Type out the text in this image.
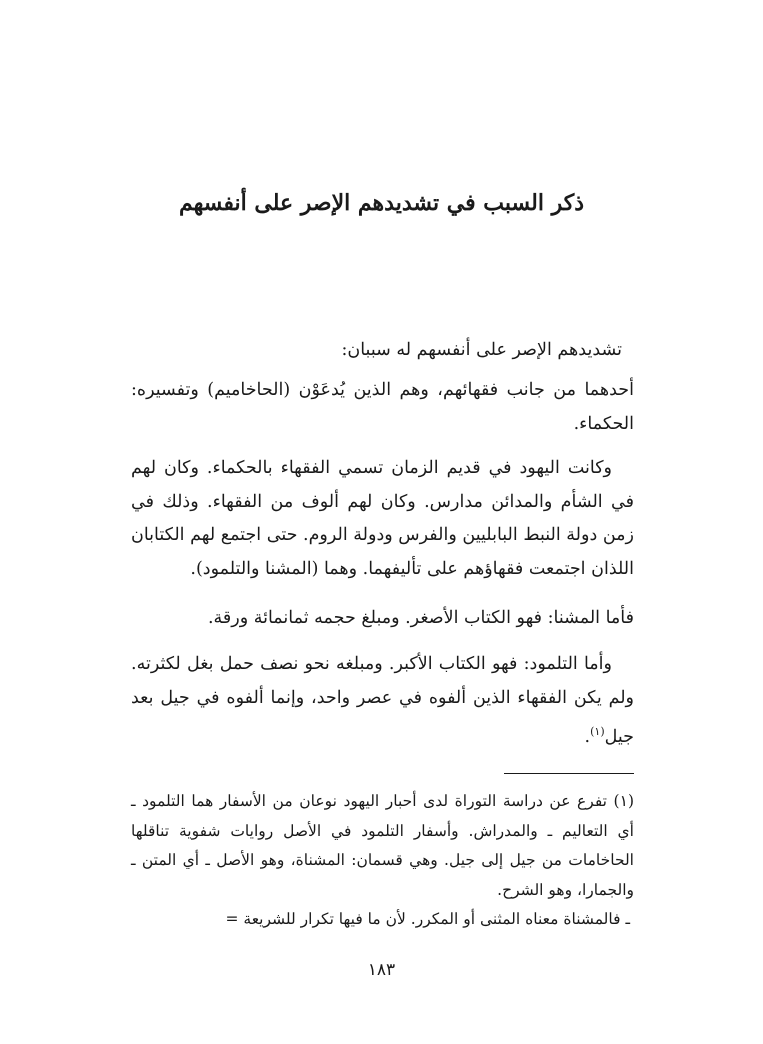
ذكر السبب في تشديدهم الإصر على أنفسهم

تشديدهم الإصر على أنفسهم له سببان:

أحدهما من جانب فقهائهم، وهم الذين يُدعَوْن (الحاخاميم) وتفسيره: الحكماء.

وكانت اليهود في قديم الزمان تسمي الفقهاء بالحكماء. وكان لهم في الشأم والمدائن مدارس. وكان لهم ألوف من الفقهاء. وذلك في زمن دولة النبط البابليين والفرس ودولة الروم. حتى اجتمع لهم الكتابان اللذان اجتمعت فقهاؤهم على تأليفهما. وهما (المشنا والتلمود).

فأما المشنا: فهو الكتاب الأصغر. ومبلغ حجمه ثمانمائة ورقة.

وأما التلمود: فهو الكتاب الأكبر. ومبلغه نحو نصف حمل بغل لكثرته. ولم يكن الفقهاء الذين ألفوه في عصر واحد، وإنما ألفوه في جيل بعد جيل$^{(١)}$.

(١) تفرع عن دراسة التوراة لدى أحبار اليهود نوعان من الأسفار هما التلمود ـ أي التعاليم ـ والمدراش. وأسفار التلمود في الأصل روايات شفوية تناقلها الحاخامات من جيل إلى جيل. وهي قسمان: المشناة، وهو الأصل ـ أي المتن ـ والجمارا، وهو الشرح.

ـ فالمشناة معناه المثنى أو المكرر. لأن ما فيها تكرار للشريعة =

١٨٣
